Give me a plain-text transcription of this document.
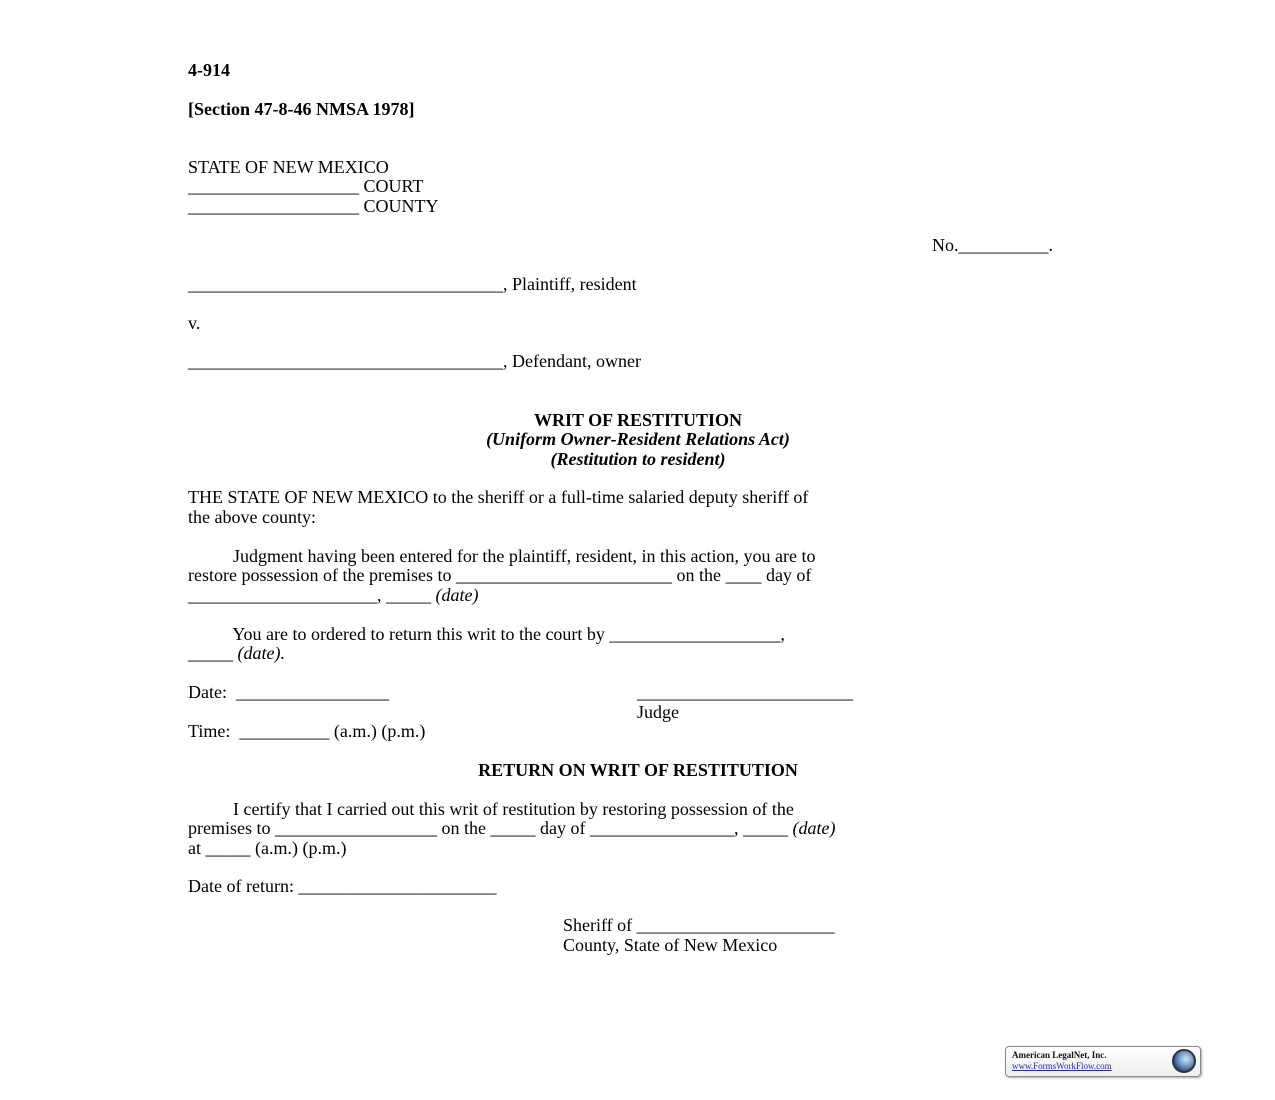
4-914
[Section 47-8-46 NMSA 1978]
STATE OF NEW MEXICO
___________________ COURT
___________________ COUNTY
No.__________.
___________________________________, Plaintiff, resident
v.
___________________________________, Defendant, owner
WRIT OF RESTITUTION
(Uniform Owner-Resident Relations Act)
(Restitution to resident)
THE STATE OF NEW MEXICO to the sheriff or a full-time salaried deputy sheriff of
the above county:
Judgment having been entered for the plaintiff, resident, in this action, you are to
restore possession of the premises to ________________________ on the ____ day of
_____________________, _____ (date)
You are to ordered to return this writ to the court by ___________________,
_____ (date).
Date:  _________________	________________________
Judge
Time:  __________ (a.m.) (p.m.)
RETURN ON WRIT OF RESTITUTION
I certify that I carried out this writ of restitution by restoring possession of the
premises to __________________ on the _____ day of ________________, _____ (date)
at _____ (a.m.) (p.m.)
Date of return: ______________________
Sheriff of ______________________
County, State of New Mexico
American LegalNet, Inc.
www.FormsWorkFlow.com
